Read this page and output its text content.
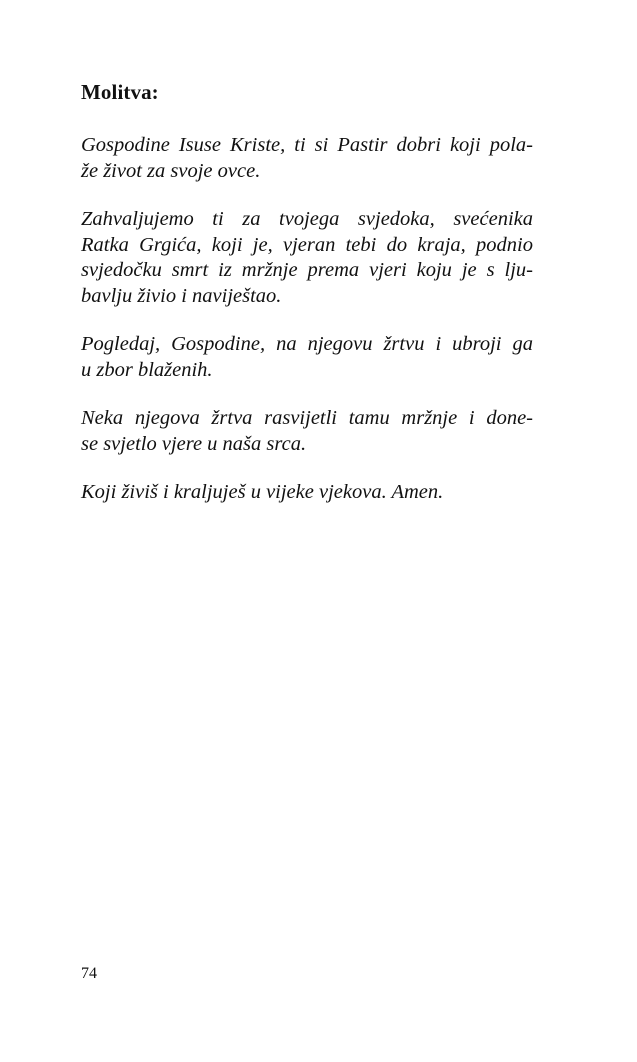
Molitva:

Gospodine Isuse Kriste, ti si Pastir dobri koji pola-
že život za svoje ovce.

Zahvaljujemo ti za tvojega svjedoka, svećenika
Ratka Grgića, koji je, vjeran tebi do kraja, podnio
svjedočku smrt iz mržnje prema vjeri koju je s lju-
bavlju živio i naviještao.

Pogledaj, Gospodine, na njegovu žrtvu i ubroji ga
u zbor blaženih.

Neka njegova žrtva rasvijetli tamu mržnje i done-
se svjetlo vjere u naša srca.

Koji živiš i kraljuješ u vijeke vjekova. Amen.

74
